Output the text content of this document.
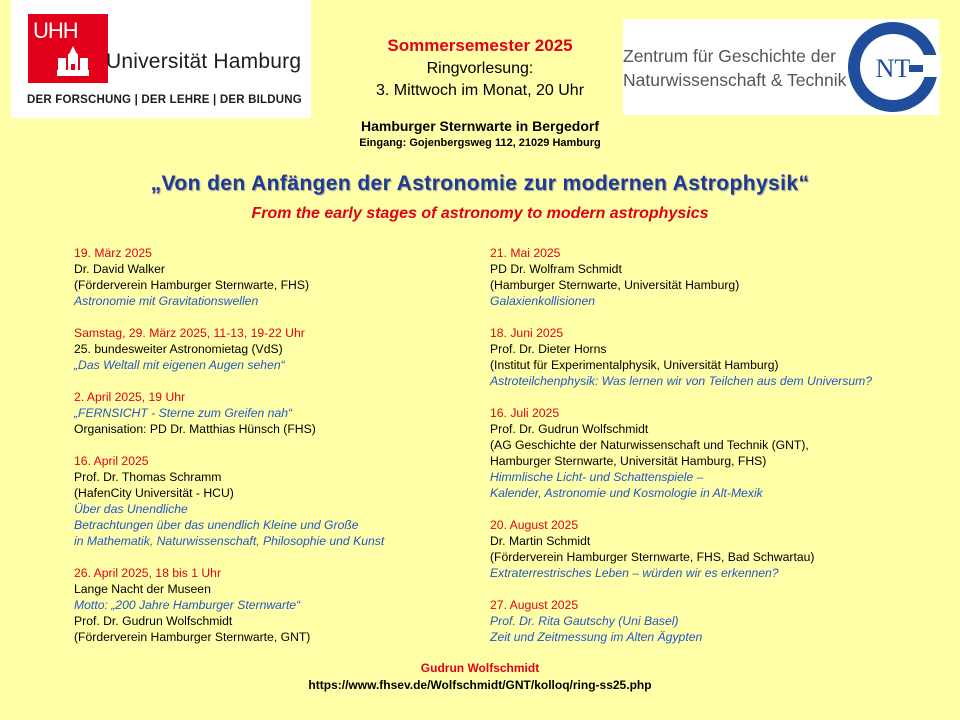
UHH
Universität Hamburg
DER FORSCHUNG | DER LEHRE | DER BILDUNG
Zentrum für Geschichte der
Naturwissenschaft & Technik NT
Sommersemester 2025
Ringvorlesung:
3. Mittwoch im Monat, 20 Uhr
Hamburger Sternwarte in Bergedorf
Eingang: Gojenbergsweg 112, 21029 Hamburg
„Von den Anfängen der Astronomie zur modernen Astrophysik“
From the early stages of astronomy to modern astrophysics
19. März 2025
Dr. David Walker
(Förderverein Hamburger Sternwarte, FHS)
Astronomie mit Gravitationswellen
Samstag, 29. März 2025, 11-13, 19-22 Uhr
25. bundesweiter Astronomietag (VdS)
„Das Weltall mit eigenen Augen sehen“
2. April 2025, 19 Uhr
„FERNSICHT - Sterne zum Greifen nah“
Organisation: PD Dr. Matthias Hünsch (FHS)
16. April 2025
Prof. Dr. Thomas Schramm
(HafenCity Universität - HCU)
Über das Unendliche
Betrachtungen über das unendlich Kleine und Große
in Mathematik, Naturwissenschaft, Philosophie und Kunst
26. April 2025, 18 bis 1 Uhr
Lange Nacht der Museen
Motto: „200 Jahre Hamburger Sternwarte“
Prof. Dr. Gudrun Wolfschmidt
(Förderverein Hamburger Sternwarte, GNT)
21. Mai 2025
PD Dr. Wolfram Schmidt
(Hamburger Sternwarte, Universität Hamburg)
Galaxienkollisionen
18. Juni 2025
Prof. Dr. Dieter Horns
(Institut für Experimentalphysik, Universität Hamburg)
Astroteilchenphysik: Was lernen wir von Teilchen aus dem Universum?
16. Juli 2025
Prof. Dr. Gudrun Wolfschmidt
(AG Geschichte der Naturwissenschaft und Technik (GNT),
Hamburger Sternwarte, Universität Hamburg, FHS)
Himmlische Licht- und Schattenspiele –
Kalender, Astronomie und Kosmologie in Alt-Mexik
20. August 2025
Dr. Martin Schmidt
(Förderverein Hamburger Sternwarte, FHS, Bad Schwartau)
Extraterrestrisches Leben – würden wir es erkennen?
27. August 2025
Prof. Dr. Rita Gautschy (Uni Basel)
Zeit und Zeitmessung im Alten Ägypten
Gudrun Wolfschmidt
https://www.fhsev.de/Wolfschmidt/GNT/kolloq/ring-ss25.php
